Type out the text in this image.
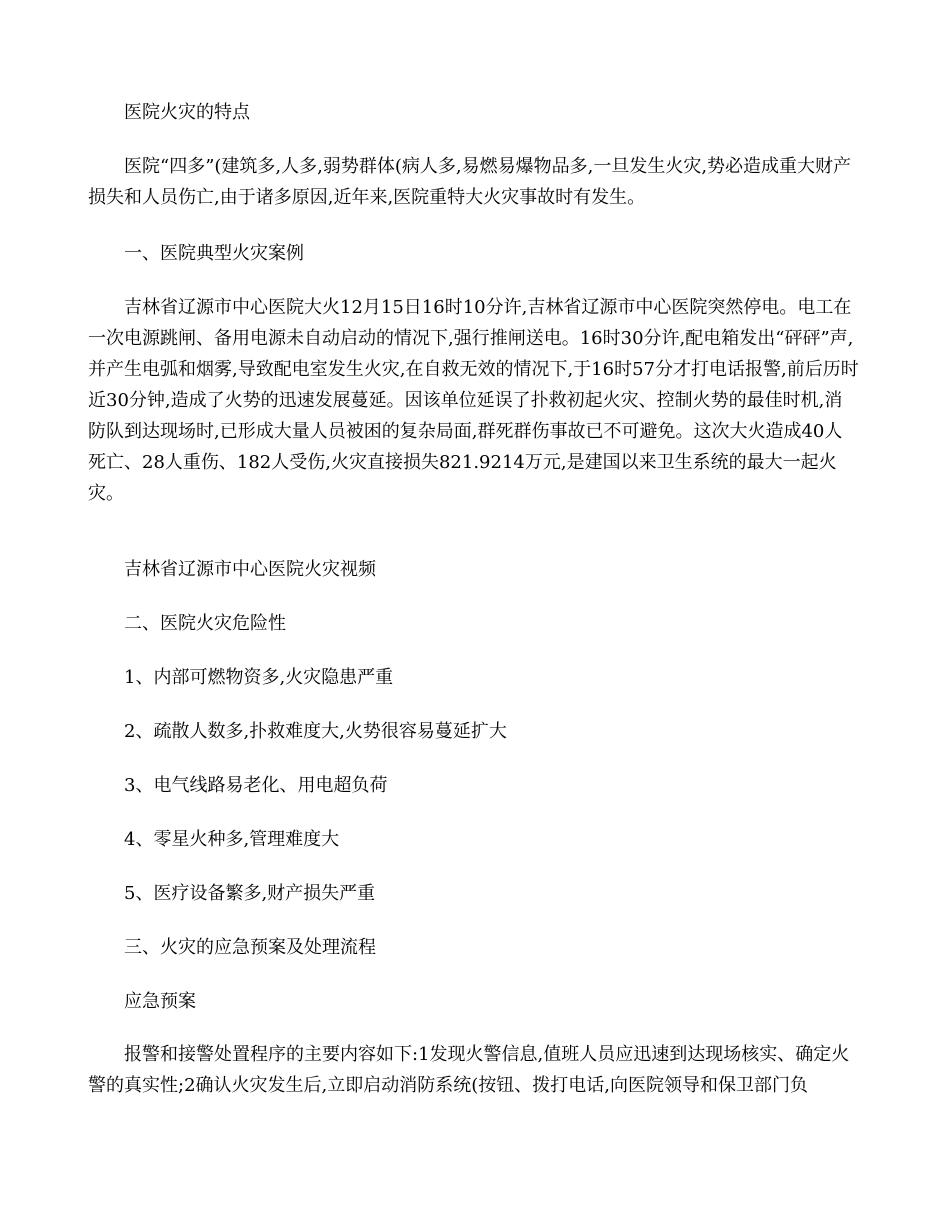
医院火灾的特点

医院“四多”(建筑多,人多,弱势群体(病人多,易燃易爆物品多,一旦发生火灾,势必造成重大财产损失和人员伤亡,由于诸多原因,近年来,医院重特大火灾事故时有发生。

一、医院典型火灾案例

吉林省辽源市中心医院大火12月15日16时10分许,吉林省辽源市中心医院突然停电。电工在一次电源跳闸、备用电源未自动启动的情况下,强行推闸送电。16时30分许,配电箱发出“砰砰”声,并产生电弧和烟雾,导致配电室发生火灾,在自救无效的情况下,于16时57分才打电话报警,前后历时近30分钟,造成了火势的迅速发展蔓延。因该单位延误了扑救初起火灾、控制火势的最佳时机,消防队到达现场时,已形成大量人员被困的复杂局面,群死群伤事故已不可避免。这次大火造成40人死亡、28人重伤、182人受伤,火灾直接损失821.9214万元,是建国以来卫生系统的最大一起火灾。

吉林省辽源市中心医院火灾视频

二、医院火灾危险性

1、内部可燃物资多,火灾隐患严重

2、疏散人数多,扑救难度大,火势很容易蔓延扩大

3、电气线路易老化、用电超负荷

4、零星火种多,管理难度大

5、医疗设备繁多,财产损失严重

三、火灾的应急预案及处理流程

应急预案

报警和接警处置程序的主要内容如下:1发现火警信息,值班人员应迅速到达现场核实、确定火警的真实性;2确认火灾发生后,立即启动消防系统(按钮、拨打电话,向医院领导和保卫部门负
